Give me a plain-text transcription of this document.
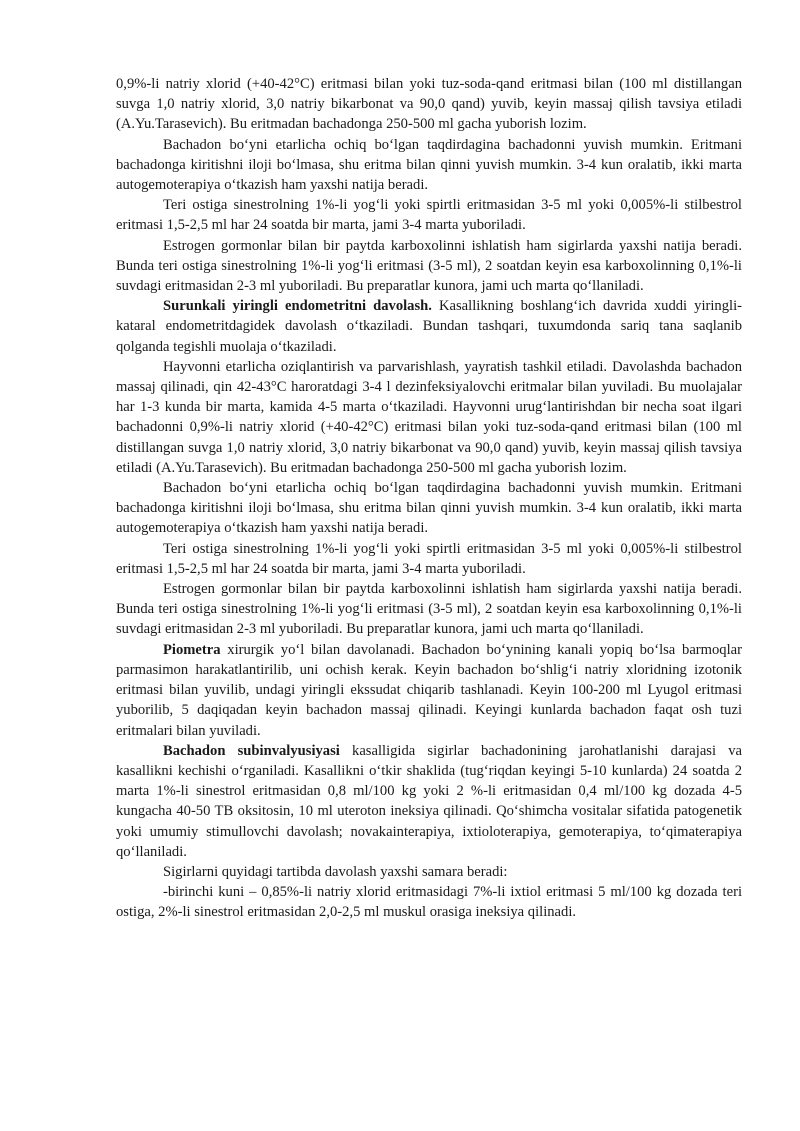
0,9%-li natriy xlorid (+40-42°C) eritmasi bilan yoki tuz-soda-qand eritmasi bilan (100 ml distillangan suvga 1,0 natriy xlorid, 3,0 natriy bikarbonat va 90,0 qand) yuvib, keyin massaj qilish tavsiya etiladi (A.Yu.Tarasevich). Bu eritmadan bachadonga 250-500 ml gacha yuborish lozim.

Bachadon bo‘yni etarlicha ochiq bo‘lgan taqdirdagina bachadonni yuvish mumkin. Eritmani bachadonga kiritishni iloji bo‘lmasa, shu eritma bilan qinni yuvish mumkin. 3-4 kun oralatib, ikki marta autogemoterapiya o‘tkazish ham yaxshi natija beradi.

Teri ostiga sinestrolning 1%-li yog‘li yoki spirtli eritmasidan 3-5 ml yoki 0,005%-li stilbestrol eritmasi 1,5-2,5 ml har 24 soatda bir marta, jami 3-4 marta yuboriladi.

Estrogen gormonlar bilan bir paytda karboxolinni ishlatish ham sigirlarda yaxshi natija beradi. Bunda teri ostiga sinestrolning 1%-li yog‘li eritmasi (3-5 ml), 2 soatdan keyin esa karboxolinning 0,1%-li suvdagi eritmasidan 2-3 ml yuboriladi. Bu preparatlar kunora, jami uch marta qo‘llaniladi.

Surunkali yiringli endometritni davolash. Kasallikning boshlang‘ich davrida xuddi yiringli-kataral endometritdagidek davolash o‘tkaziladi. Bundan tashqari, tuxumdonda sariq tana saqlanib qolganda tegishli muolaja o‘tkaziladi.

Hayvonni etarlicha oziqlantirish va parvarishlash, yayratish tashkil etiladi. Davolashda bachadon massaj qilinadi, qin 42-43°C haroratdagi 3-4 l dezinfeksiyalovchi eritmalar bilan yuviladi. Bu muolajalar har 1-3 kunda bir marta, kamida 4-5 marta o‘tkaziladi. Hayvonni urug‘lantirishdan bir necha soat ilgari bachadonni 0,9%-li natriy xlorid (+40-42°C) eritmasi bilan yoki tuz-soda-qand eritmasi bilan (100 ml distillangan suvga 1,0 natriy xlorid, 3,0 natriy bikarbonat va 90,0 qand) yuvib, keyin massaj qilish tavsiya etiladi (A.Yu.Tarasevich). Bu eritmadan bachadonga 250-500 ml gacha yuborish lozim.

Bachadon bo‘yni etarlicha ochiq bo‘lgan taqdirdagina bachadonni yuvish mumkin. Eritmani bachadonga kiritishni iloji bo‘lmasa, shu eritma bilan qinni yuvish mumkin. 3-4 kun oralatib, ikki marta autogemoterapiya o‘tkazish ham yaxshi natija beradi.

Teri ostiga sinestrolning 1%-li yog‘li yoki spirtli eritmasidan 3-5 ml yoki 0,005%-li stilbestrol eritmasi 1,5-2,5 ml har 24 soatda bir marta, jami 3-4 marta yuboriladi.

Estrogen gormonlar bilan bir paytda karboxolinni ishlatish ham sigirlarda yaxshi natija beradi. Bunda teri ostiga sinestrolning 1%-li yog‘li eritmasi (3-5 ml), 2 soatdan keyin esa karboxolinning 0,1%-li suvdagi eritmasidan 2-3 ml yuboriladi. Bu preparatlar kunora, jami uch marta qo‘llaniladi.

Piometra xirurgik yo‘l bilan davolanadi. Bachadon bo‘ynining kanali yopiq bo‘lsa barmoqlar parmasimon harakatlantirilib, uni ochish kerak. Keyin bachadon bo‘shlig‘i natriy xloridning izotonik eritmasi bilan yuvilib, undagi yiringli ekssudat chiqarib tashlanadi. Keyin 100-200 ml Lyugol eritmasi yuborilib, 5 daqiqadan keyin bachadon massaj qilinadi. Keyingi kunlarda bachadon faqat osh tuzi eritmalari bilan yuviladi.

Bachadon subinvalyusiyasi kasalligida sigirlar bachadonining jarohatlanishi darajasi va kasallikni kechishi o‘rganiladi. Kasallikni o‘tkir shaklida (tug‘riqdan keyingi 5-10 kunlarda) 24 soatda 2 marta 1%-li sinestrol eritmasidan 0,8 ml/100 kg yoki 2 %-li eritmasidan 0,4 ml/100 kg dozada 4-5 kungacha 40-50 TB oksitosin, 10 ml uteroton ineksiya qilinadi. Qo‘shimcha vositalar sifatida patogenetik yoki umumiy stimullovchi davolash; novakainterapiya, ixtioloterapiya, gemoterapiya, to‘qimaterapiya qo‘llaniladi.

Sigirlarni quyidagi tartibda davolash yaxshi samara beradi:

-birinchi kuni – 0,85%-li natriy xlorid eritmasidagi 7%-li ixtiol eritmasi 5 ml/100 kg dozada teri ostiga, 2%-li sinestrol eritmasidan 2,0-2,5 ml muskul orasiga ineksiya qilinadi.
